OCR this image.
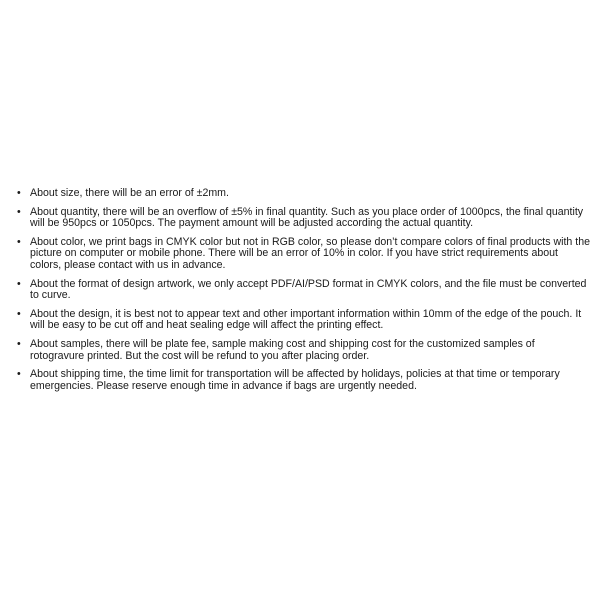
• About size, there will be an error of ±2mm.
• About quantity, there will be an overflow of ±5% in final quantity. Such as you place order of 1000pcs, the final quantity will be 950pcs or 1050pcs. The payment amount will be adjusted according the actual quantity.
• About color, we print bags in CMYK color but not in RGB color, so please don’t compare colors of final products with the picture on computer or mobile phone. There will be an error of 10% in color. If you have strict requirements about colors, please contact with us in advance.
• About the format of design artwork, we only accept PDF/AI/PSD format in CMYK colors, and the file must be converted to curve.
• About the design, it is best not to appear text and other important information within 10mm of the edge of the pouch. It will be easy to be cut off and heat sealing edge will affect the printing effect.
• About samples, there will be plate fee, sample making cost and shipping cost for the customized samples of rotogravure printed. But the cost will be refund to you after placing order.
• About shipping time, the time limit for transportation will be affected by holidays, policies at that time or temporary emergencies. Please reserve enough time in advance if bags are urgently needed.
